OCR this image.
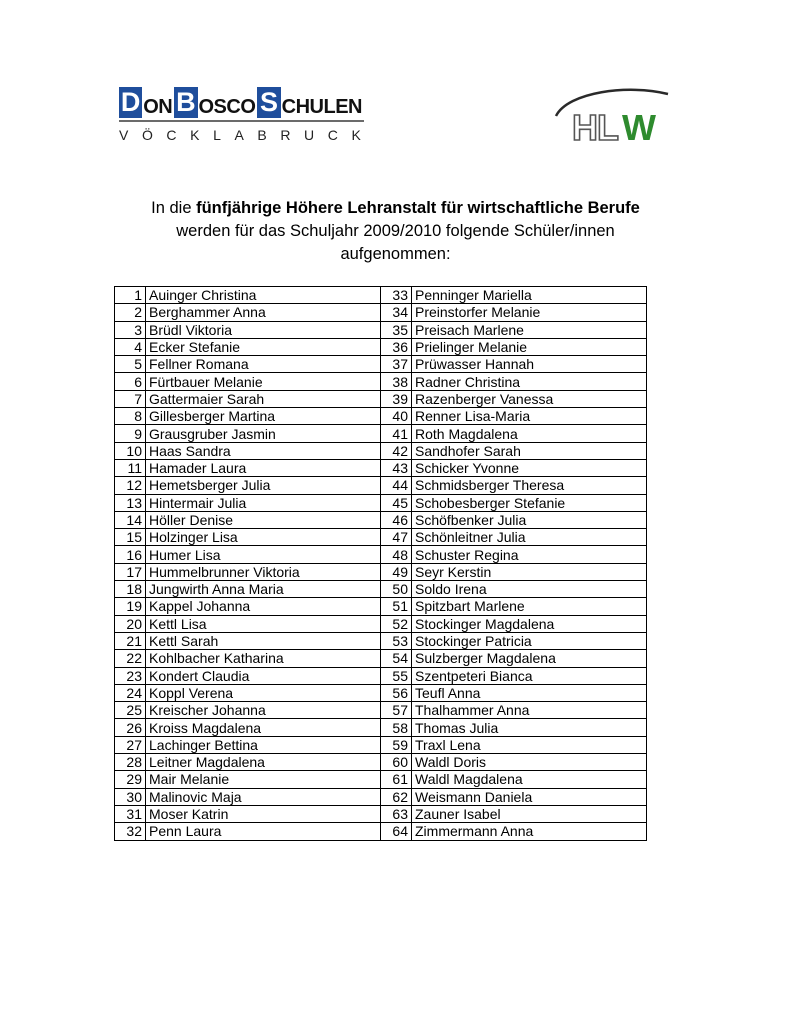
D ON B OSCO S CHULEN
VÖCKLABRUCK	HL W

In die fünfjährige Höhere Lehranstalt für wirtschaftliche Berufe

werden für das Schuljahr 2009/2010 folgende Schüler/innen

aufgenommen:

1	Auinger Christina	33	Penninger Mariella
2	Berghammer Anna	34	Preinstorfer Melanie
3	Brüdl Viktoria	35	Preisach Marlene
4	Ecker Stefanie	36	Prielinger Melanie
5	Fellner Romana	37	Prüwasser Hannah
6	Fürtbauer Melanie	38	Radner Christina
7	Gattermaier Sarah	39	Razenberger Vanessa
8	Gillesberger Martina	40	Renner Lisa-Maria
9	Grausgruber Jasmin	41	Roth Magdalena
10	Haas Sandra	42	Sandhofer Sarah
11	Hamader Laura	43	Schicker Yvonne
12	Hemetsberger Julia	44	Schmidsberger Theresa
13	Hintermair Julia	45	Schobesberger Stefanie
14	Höller Denise	46	Schöfbenker Julia
15	Holzinger Lisa	47	Schönleitner Julia
16	Humer Lisa	48	Schuster Regina
17	Hummelbrunner Viktoria	49	Seyr Kerstin
18	Jungwirth Anna Maria	50	Soldo Irena
19	Kappel Johanna	51	Spitzbart Marlene
20	Kettl Lisa	52	Stockinger Magdalena
21	Kettl Sarah	53	Stockinger Patricia
22	Kohlbacher Katharina	54	Sulzberger Magdalena
23	Kondert Claudia	55	Szentpeteri Bianca
24	Koppl Verena	56	Teufl Anna
25	Kreischer Johanna	57	Thalhammer Anna
26	Kroiss Magdalena	58	Thomas Julia
27	Lachinger Bettina	59	Traxl Lena
28	Leitner Magdalena	60	Waldl Doris
29	Mair Melanie	61	Waldl Magdalena
30	Malinovic Maja	62	Weismann Daniela
31	Moser Katrin	63	Zauner Isabel
32	Penn Laura	64	Zimmermann Anna
